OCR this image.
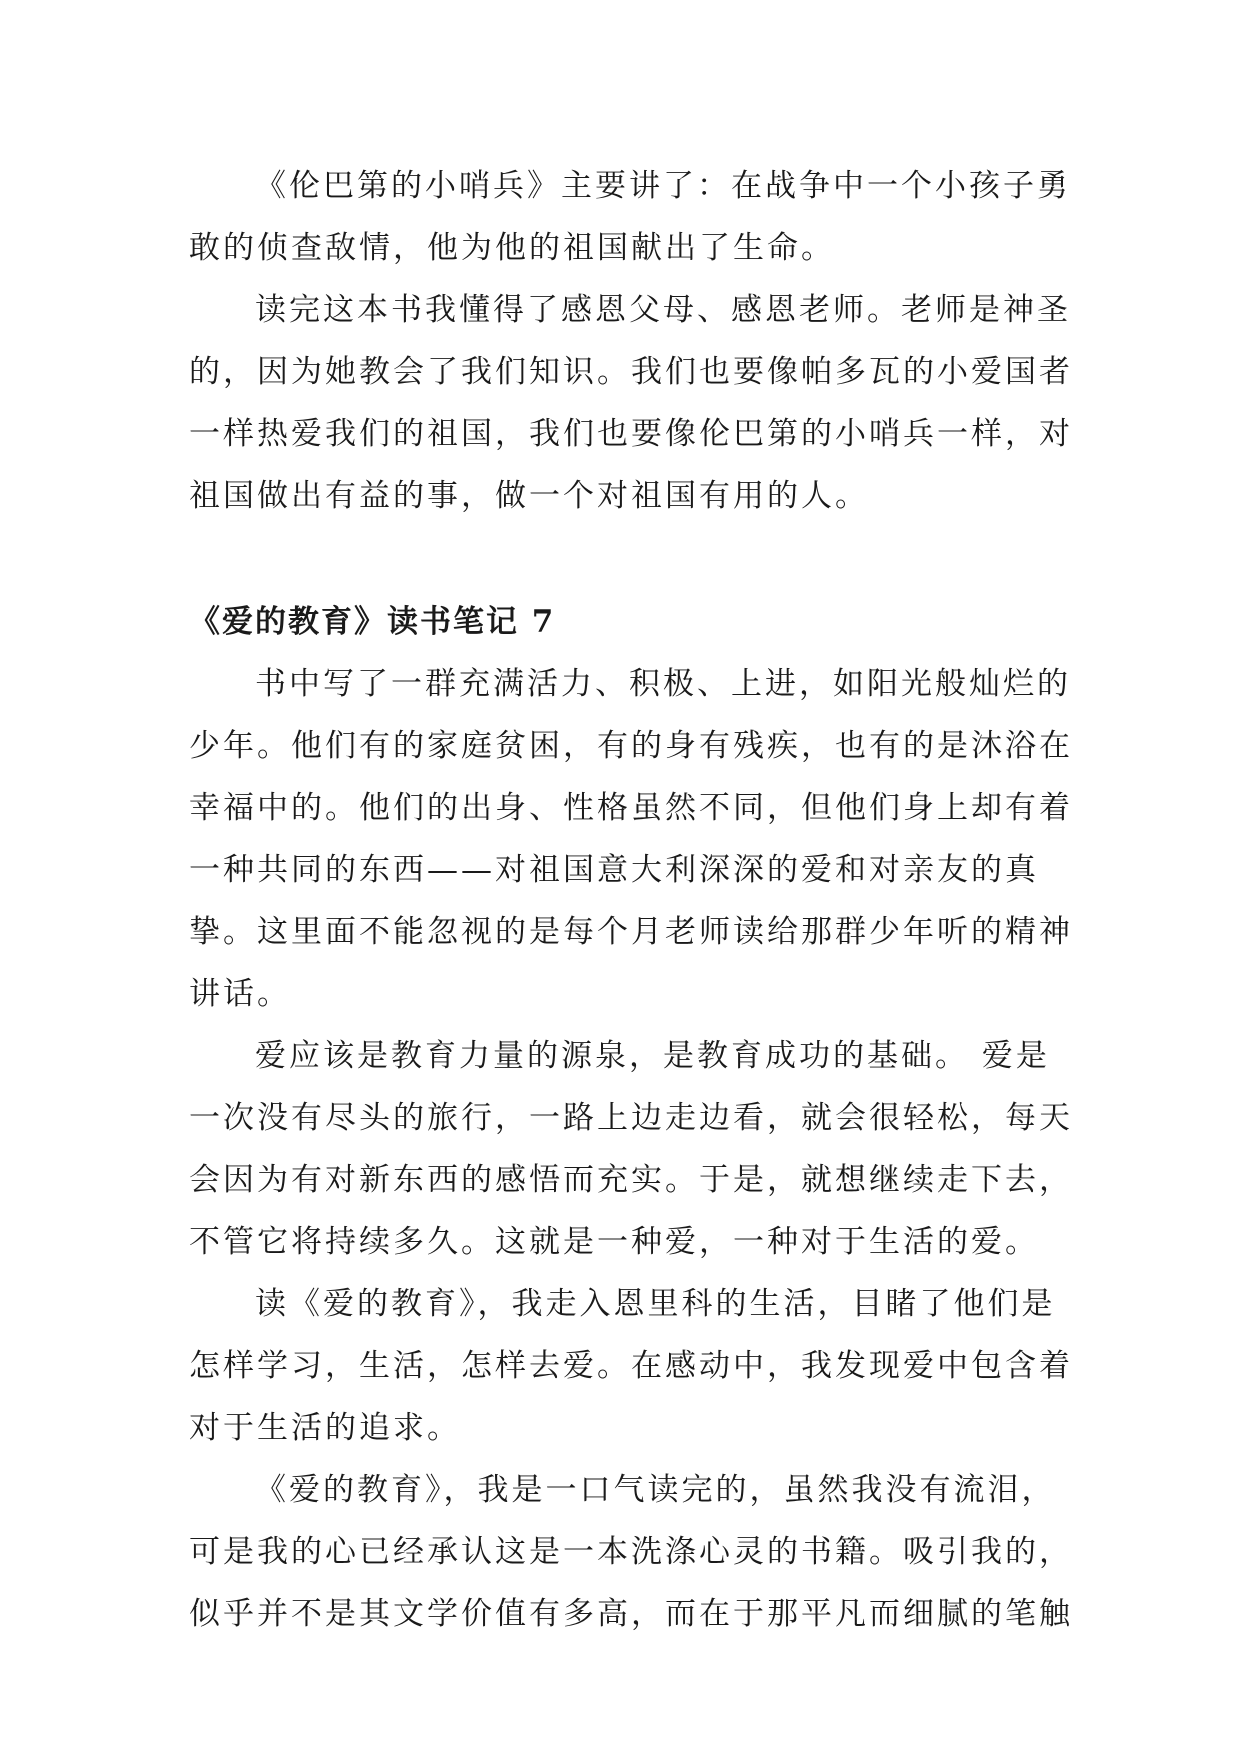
《伦巴第的小哨兵》主要讲了：在战争中一个小孩子勇
敢的侦查敌情，他为他的祖国献出了生命。

读完这本书我懂得了感恩父母、感恩老师。老师是神圣
的，因为她教会了我们知识。我们也要像帕多瓦的小爱国者
一样热爱我们的祖国，我们也要像伦巴第的小哨兵一样，对
祖国做出有益的事，做一个对祖国有用的人。

《爱的教育》读书笔记 7

书中写了一群充满活力、积极、上进，如阳光般灿烂的
少年。他们有的家庭贫困，有的身有残疾，也有的是沐浴在
幸福中的。他们的出身、性格虽然不同，但他们身上却有着
一种共同的东西——对祖国意大利深深的爱和对亲友的真
挚。这里面不能忽视的是每个月老师读给那群少年听的精神
讲话。

爱应该是教育力量的源泉，是教育成功的基础。 爱是
一次没有尽头的旅行，一路上边走边看，就会很轻松，每天
会因为有对新东西的感悟而充实。于是，就想继续走下去，
不管它将持续多久。这就是一种爱，一种对于生活的爱。

读《爱的教育》，我走入恩里科的生活，目睹了他们是
怎样学习，生活，怎样去爱。在感动中，我发现爱中包含着
对于生活的追求。

《爱的教育》，我是一口气读完的，虽然我没有流泪，
可是我的心已经承认这是一本洗涤心灵的书籍。吸引我的，
似乎并不是其文学价值有多高，而在于那平凡而细腻的笔触
